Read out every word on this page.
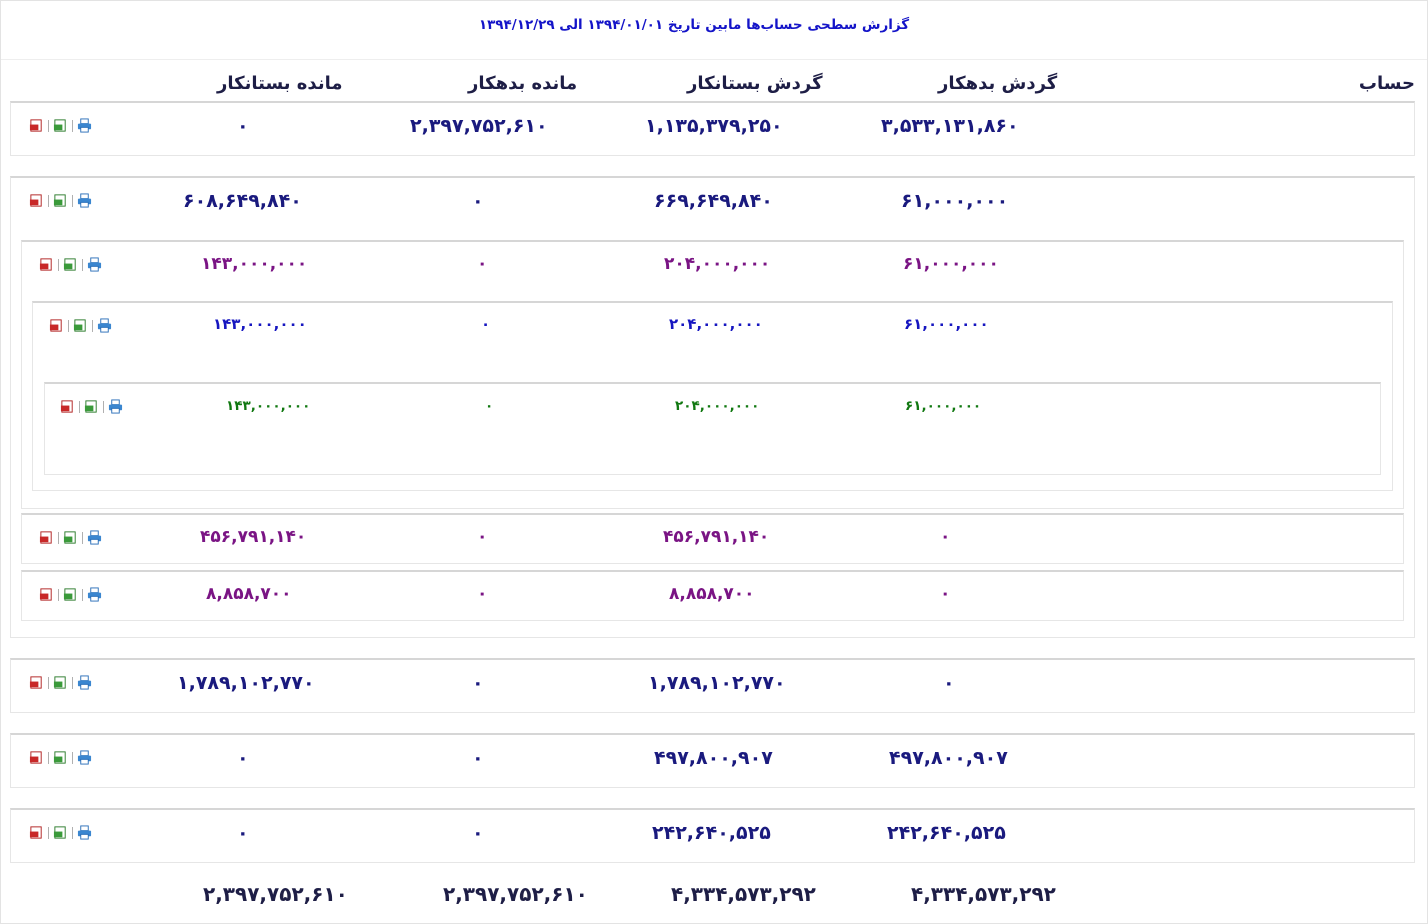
گزارش سطحی حساب‌ها مابین تاریخ ۱۳۹۴/۰۱/۰۱ الی ۱۳۹۴/۱۲/۲۹
حساب
گردش بدهکار
گردش بستانکار
مانده بدهکار
مانده بستانکار
۳,۵۳۳,۱۳۱,۸۶۰
۱,۱۳۵,۳۷۹,۲۵۰
۲,۳۹۷,۷۵۲,۶۱۰
۰
۶۱,۰۰۰,۰۰۰
۶۶۹,۶۴۹,۸۴۰
۰
۶۰۸,۶۴۹,۸۴۰
۶۱,۰۰۰,۰۰۰
۲۰۴,۰۰۰,۰۰۰
۰
۱۴۳,۰۰۰,۰۰۰
۶۱,۰۰۰,۰۰۰
۲۰۴,۰۰۰,۰۰۰
۰
۱۴۳,۰۰۰,۰۰۰
۶۱,۰۰۰,۰۰۰
۲۰۴,۰۰۰,۰۰۰
۰
۱۴۳,۰۰۰,۰۰۰
۰
۴۵۶,۷۹۱,۱۴۰
۰
۴۵۶,۷۹۱,۱۴۰
۰
۸,۸۵۸,۷۰۰
۰
۸,۸۵۸,۷۰۰
۰
۱,۷۸۹,۱۰۲,۷۷۰
۰
۱,۷۸۹,۱۰۲,۷۷۰
۴۹۷,۸۰۰,۹۰۷
۴۹۷,۸۰۰,۹۰۷
۰
۰
۲۴۲,۶۴۰,۵۲۵
۲۴۲,۶۴۰,۵۲۵
۰
۰
۴,۳۳۴,۵۷۳,۲۹۲
۴,۳۳۴,۵۷۳,۲۹۲
۲,۳۹۷,۷۵۲,۶۱۰
۲,۳۹۷,۷۵۲,۶۱۰
